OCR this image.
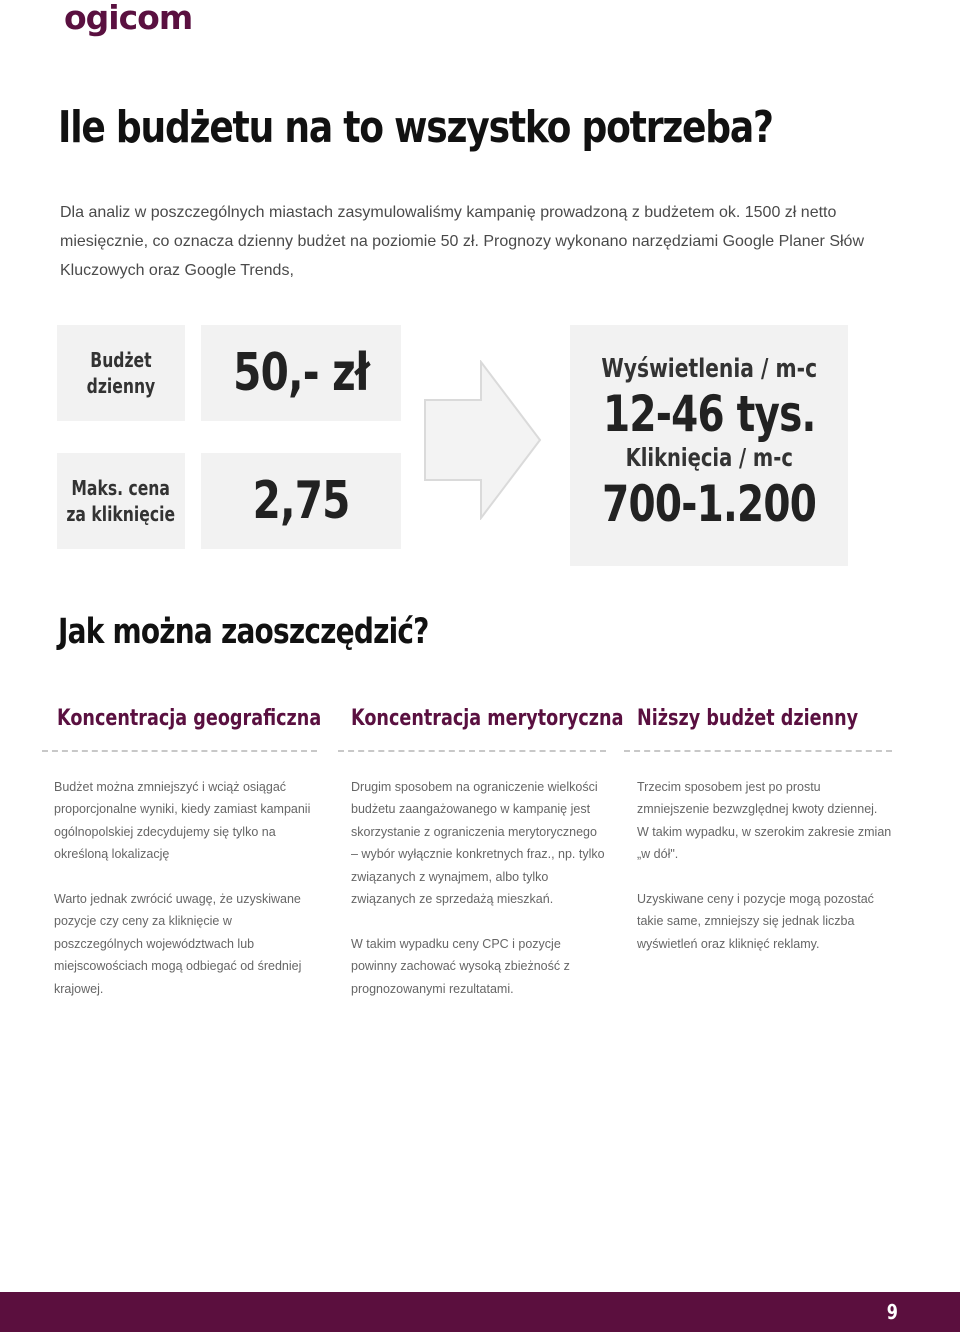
ogicom
Ile budżetu na to wszystko potrzeba?

Dla analiz w poszczególnych miastach zasymulowaliśmy kampanię prowadzoną z budżetem ok. 1500 zł netto miesięcznie, co oznacza dzienny budżet na poziomie 50 zł. Prognozy wykonano narzędziami Google Planer Słów Kluczowych oraz Google Trends,

Budżet
dzienny 50,- zł
Maks. cena
za kliknięcie 2,75
Wyświetlenia / m-c
12-46 tys.
Kliknięcia / m-c
700-1.200
Jak można zaoszczędzić?
Koncentracja geograficzna

Budżet można zmniejszyć i wciąż osiągać proporcjonalne wyniki, kiedy zamiast kampanii ogólnopolskiej zdecydujemy się tylko na określoną lokalizację

Warto jednak zwrócić uwagę, że uzyskiwane pozycje czy ceny za kliknięcie w poszczególnych województwach lub miejscowościach mogą odbiegać od średniej krajowej.

Koncentracja merytoryczna

Drugim sposobem na ograniczenie wielkości budżetu zaangażowanego w kampanię jest skorzystanie z ograniczenia merytorycznego – wybór wyłącznie konkretnych fraz., np. tylko związanych z wynajmem, albo tylko związanych ze sprzedażą mieszkań.

W takim wypadku ceny CPC i pozycje powinny zachować wysoką zbieżność z prognozowanymi rezultatami.

Niższy budżet dzienny

Trzecim sposobem jest po prostu zmniejszenie bezwzględnej kwoty dziennej. W takim wypadku, w szerokim zakresie zmian „w dół".

Uzyskiwane ceny i pozycje mogą pozostać takie same, zmniejszy się jednak liczba wyświetleń oraz kliknięć reklamy.

9
